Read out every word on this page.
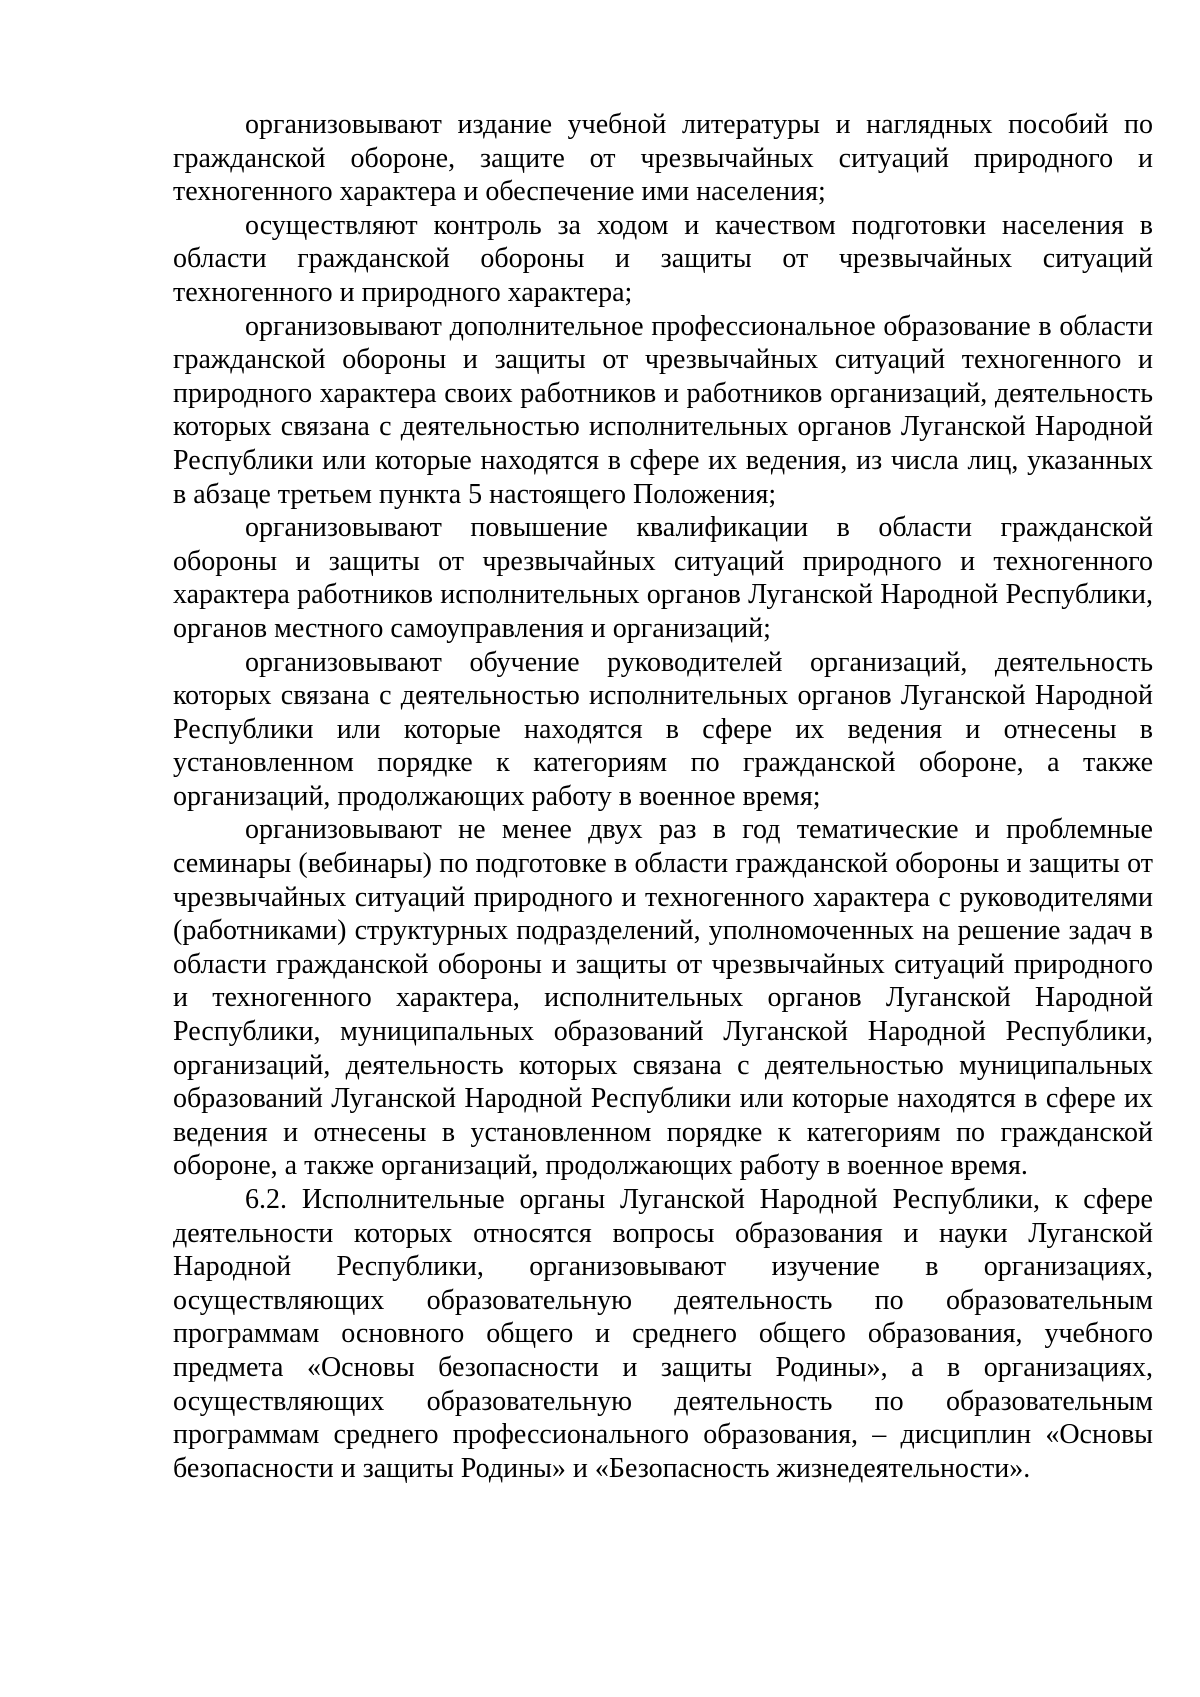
организовывают издание учебной литературы и наглядных пособий по гражданской обороне, защите от чрезвычайных ситуаций природного и техногенного характера и обеспечение ими населения;

осуществляют контроль за ходом и качеством подготовки населения в области гражданской обороны и защиты от чрезвычайных ситуаций техногенного и природного характера;

организовывают дополнительное профессиональное образование в области гражданской обороны и защиты от чрезвычайных ситуаций техногенного и природного характера своих работников и работников организаций, деятельность которых связана с деятельностью исполнительных органов Луганской Народной Республики или которые находятся в сфере их ведения, из числа лиц, указанных в абзаце третьем пункта 5 настоящего Положения;

организовывают повышение квалификации в области гражданской обороны и защиты от чрезвычайных ситуаций природного и техногенного характера работников исполнительных органов Луганской Народной Республики, органов местного самоуправления и организаций;

организовывают обучение руководителей организаций, деятельность которых связана с деятельностью исполнительных органов Луганской Народной Республики или которые находятся в сфере их ведения и отнесены в установленном порядке к категориям по гражданской обороне, а также организаций, продолжающих работу в военное время;

организовывают не менее двух раз в год тематические и проблемные семинары (вебинары) по подготовке в области гражданской обороны и защиты от чрезвычайных ситуаций природного и техногенного характера с руководителями (работниками) структурных подразделений, уполномоченных на решение задач в области гражданской обороны и защиты от чрезвычайных ситуаций природного и техногенного характера, исполнительных органов Луганской Народной Республики, муниципальных образований Луганской Народной Республики, организаций, деятельность которых связана с деятельностью муниципальных образований Луганской Народной Республики или которые находятся в сфере их ведения и отнесены в установленном порядке к категориям по гражданской обороне, а также организаций, продолжающих работу в военное время.

6.2. Исполнительные органы Луганской Народной Республики, к сфере деятельности которых относятся вопросы образования и науки Луганской Народной Республики, организовывают изучение в организациях, осуществляющих образовательную деятельность по образовательным программам основного общего и среднего общего образования, учебного предмета «Основы безопасности и защиты Родины», а в организациях, осуществляющих образовательную деятельность по образовательным программам среднего профессионального образования, – дисциплин «Основы безопасности и защиты Родины» и «Безопасность жизнедеятельности».
